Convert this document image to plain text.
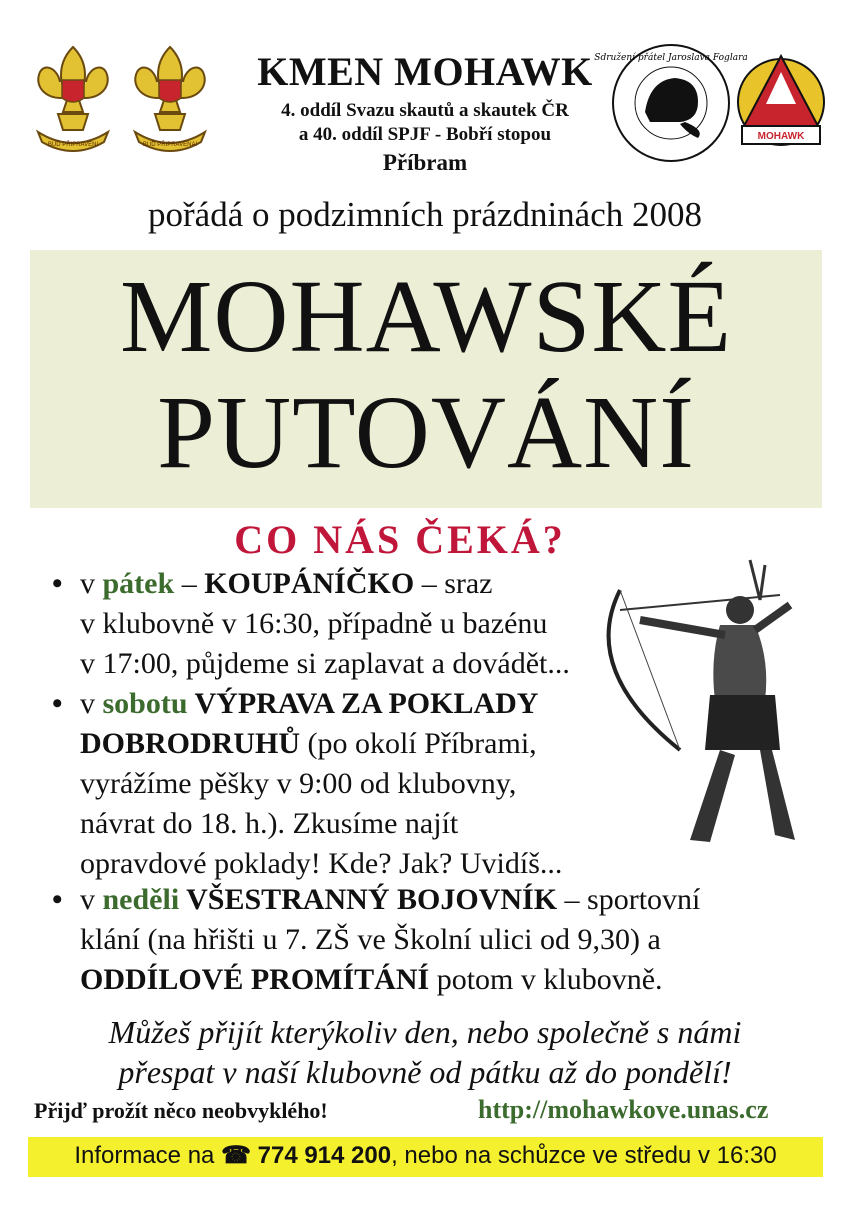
BUĎ PŘIPRAVEN!	BUĎ PŘIPRAVENA!
Sdružení přátel Jaroslava Foglara
MOHAWK
KMEN MOHAWK
4. oddíl Svazu skautů a skautek ČR
a 40. oddíl SPJF - Bobří stopou
Příbram
pořádá o podzimních prázdninách 2008
MOHAWSKÉ
PUTOVÁNÍ
CO NÁS ČEKÁ?
• v pátek – KOUPÁNÍČKO – sraz
v klubovně v 16:30, případně u bazénu
v 17:00, půjdeme si zaplavat a dovádět...
• v sobotu VÝPRAVA ZA POKLADY
DOBRODRUHŮ (po okolí Příbrami,
vyrážíme pěšky v 9:00 od klubovny,
návrat do 18. h.). Zkusíme najít
opravdové poklady! Kde? Jak? Uvidíš...
• v neděli VŠESTRANNÝ BOJOVNÍK – sportovní
klání (na hřišti u 7. ZŠ ve Školní ulici od 9,30) a
ODDÍLOVÉ PROMÍTÁNÍ potom v klubovně.
Můžeš přijít kterýkoliv den, nebo společně s námi
přespat v naší klubovně od pátku až do pondělí!
Přijď prožít něco neobvyklého!	http://mohawkove.unas.cz
Informace na ☎ 774 914 200, nebo na schůzce ve středu v 16:30
